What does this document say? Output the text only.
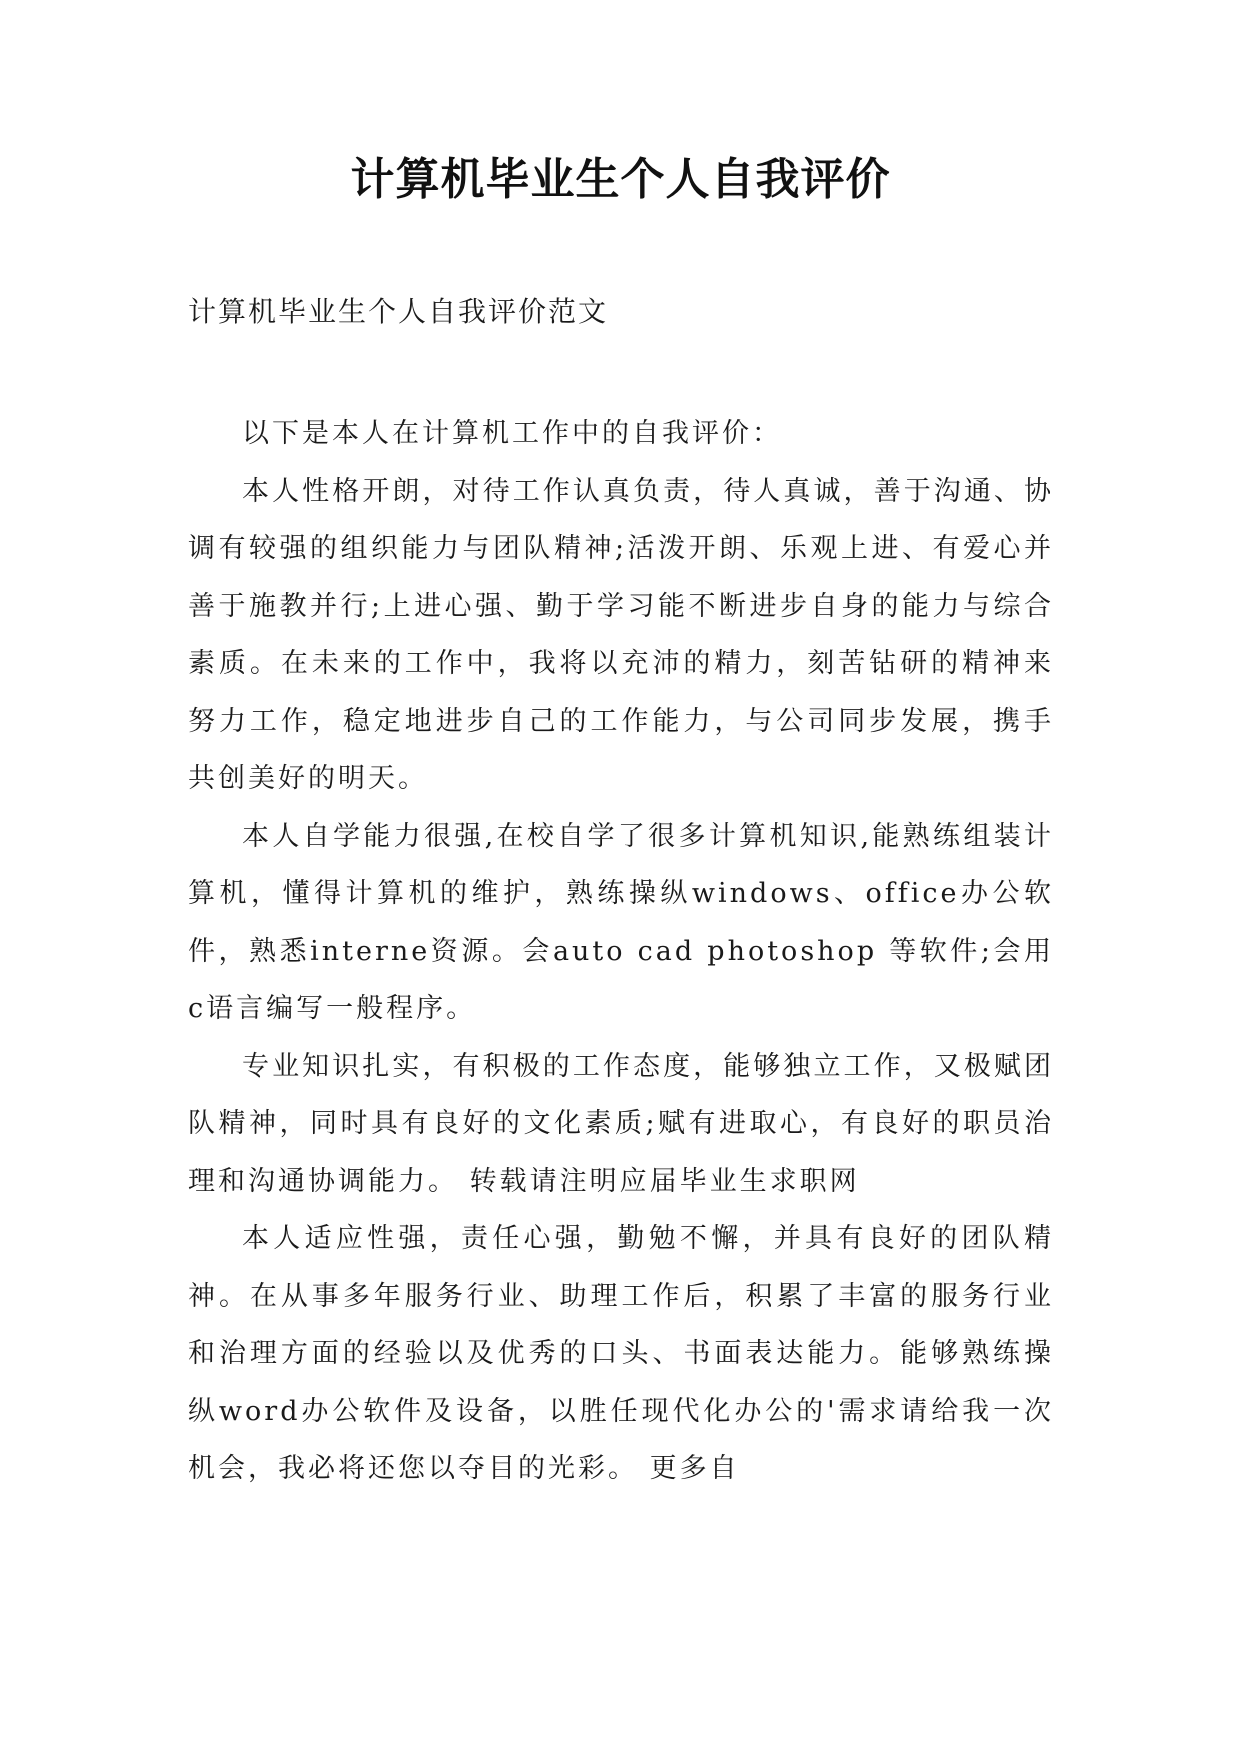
计算机毕业生个人自我评价

计算机毕业生个人自我评价范文

以下是本人在计算机工作中的自我评价：

本人性格开朗，对待工作认真负责，待人真诚，善于沟通、协调有较强的组织能力与团队精神;活泼开朗、乐观上进、有爱心并善于施教并行;上进心强、勤于学习能不断进步自身的能力与综合素质。在未来的工作中，我将以充沛的精力，刻苦钻研的精神来努力工作，稳定地进步自己的工作能力，与公司同步发展，携手共创美好的明天。

本人自学能力很强,在校自学了很多计算机知识,能熟练组装计算机，懂得计算机的维护，熟练操纵windows、office办公软件，熟悉interne资源。会auto cad photoshop 等软件;会用c语言编写一般程序。

专业知识扎实，有积极的工作态度，能够独立工作，又极赋团队精神，同时具有良好的文化素质;赋有进取心，有良好的职员治理和沟通协调能力。 转载请注明应届毕业生求职网

本人适应性强，责任心强，勤勉不懈，并具有良好的团队精神。在从事多年服务行业、助理工作后，积累了丰富的服务行业和治理方面的经验以及优秀的口头、书面表达能力。能够熟练操纵word办公软件及设备，以胜任现代化办公的'需求请给我一次机会，我必将还您以夺目的光彩。 更多自
